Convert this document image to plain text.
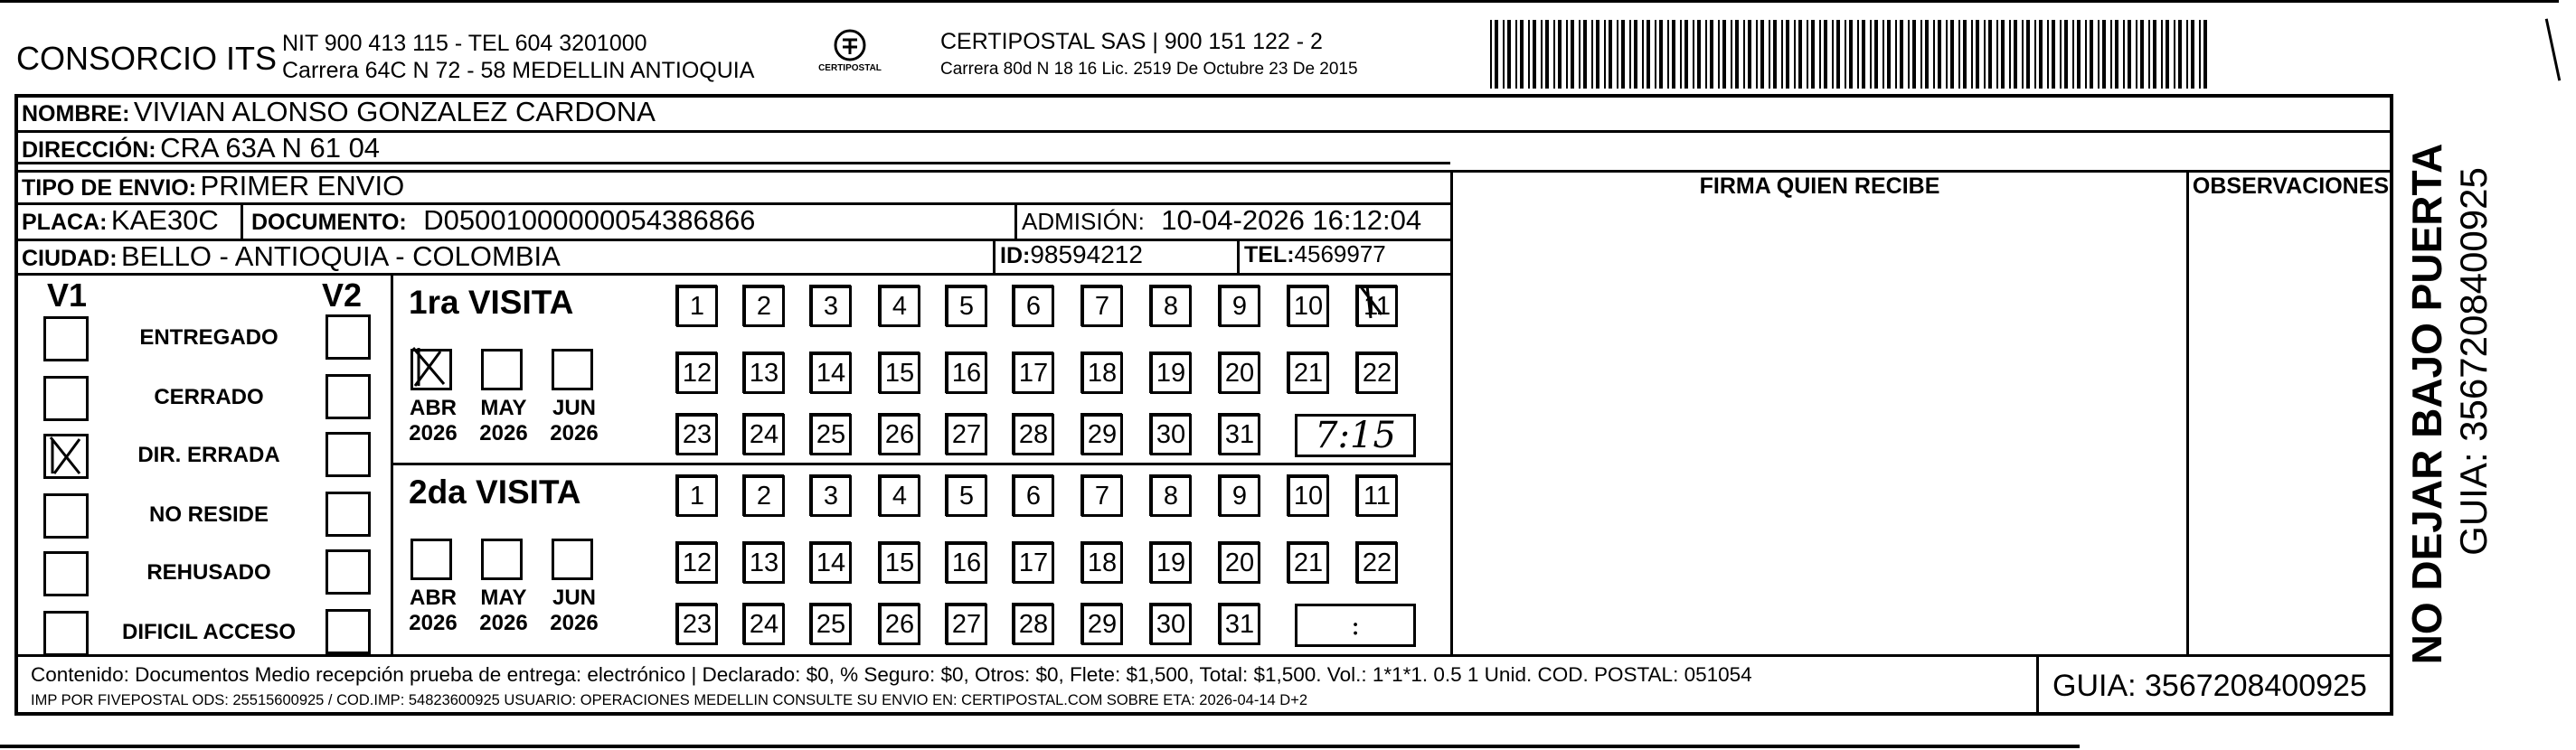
CONSORCIO ITS NIT 900 413 115 - TEL 604 3201000
Carrera 64C N 72 - 58 MEDELLIN ANTIOQUIA	CERTIPOSTAL
CERTIPOSTAL SAS | 900 151 122 - 2
Carrera 80d N 18 16 Lic. 2519 De Octubre 23 De 2015
NOMBRE: VIVIAN ALONSO GONZALEZ CARDONA
DIRECCIÓN: CRA 63A N 61 04
TIPO DE ENVIO: PRIMER ENVIO
PLACA: KAE30C DOCUMENTO: D05001000000054386866	ADMISIÓN: 10-04-2026 16:12:04
CIUDAD: BELLO - ANTIOQUIA - COLOMBIA	ID:98594212	TEL:4569977
FIRMA QUIEN RECIBE	OBSERVACIONES
V1	V2
ENTREGADO
CERRADO
DIR. ERRADA
NO RESIDE
REHUSADO
DIFICIL ACCESO
1ra VISITA
2da VISITA
ABR
2026
MAY
2026
JUN
2026
1	2	3	4	5	6	7	8	9	10 11
12 13 14 15 16 17 18 19 20 21 22
23 24 25 26 27 28 29 30 31	7:15
ABR
2026
MAY
2026
JUN
2026
1	2	3	4	5	6	7	8	9	10 11
12 13 14 15 16 17 18 19 20 21 22
23 24 25 26 27 28 29 30 31	:
Contenido: Documentos Medio recepción prueba de entrega: electrónico | Declarado: $0, % Seguro: $0, Otros: $0, Flete: $1,500, Total: $1,500. Vol.: 1*1*1. 0.5 1 Unid. COD. POSTAL: 051054
IMP POR FIVEPOSTAL ODS: 25515600925 / COD.IMP: 54823600925 USUARIO: OPERACIONES MEDELLIN CONSULTE SU ENVIO EN: CERTIPOSTAL.COM SOBRE ETA: 2026-04-14 D+2	GUIA: 3567208400925
NO DEJAR BAJO PUERTA GUIA: 3567208400925
